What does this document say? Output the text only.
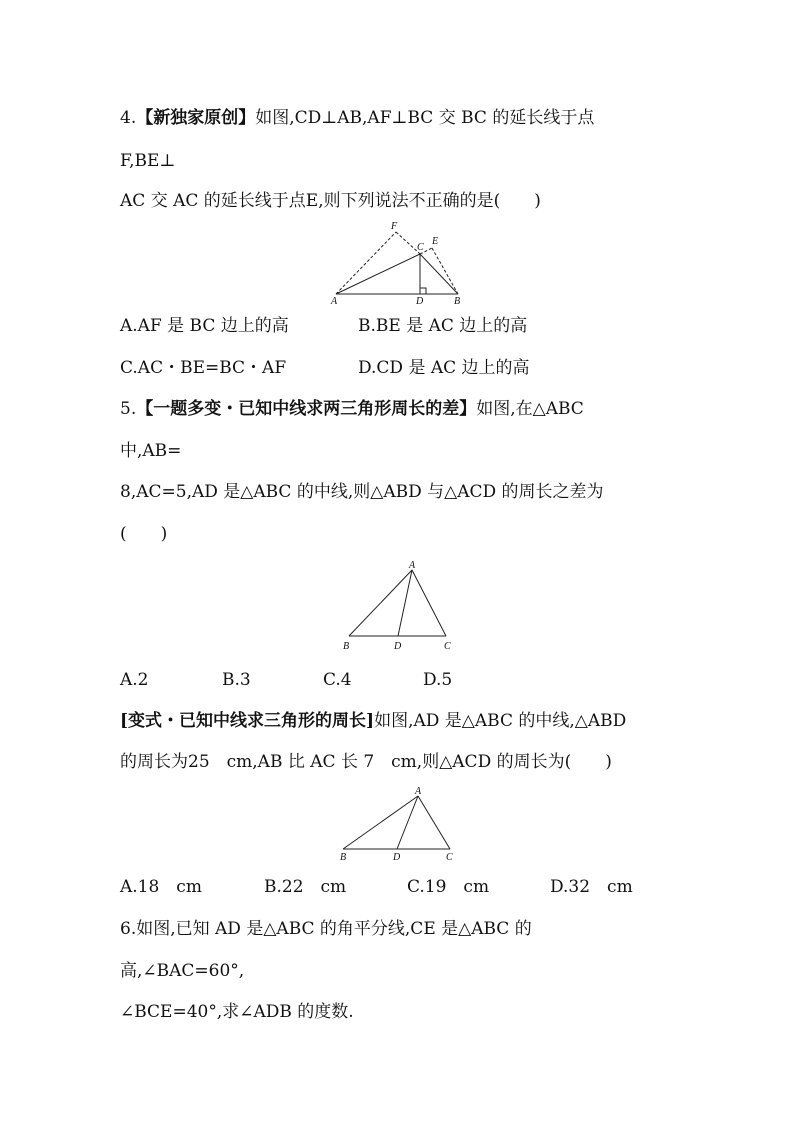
4.【新独家原创】如图,CD⊥AB,AF⊥BC 交 BC 的延长线于点
F,BE⊥
AC 交 AC 的延长线于点E,则下列说法不正确的是(　　)
F
C
E
A	D	B
A.AF 是 BC 边上的高	B.BE 是 AC 边上的高
C.AC・BE=BC・AF	D.CD 是 AC 边上的高
5.【一题多变・已知中线求两三角形周长的差】如图,在△ABC
中,AB=
8,AC=5,AD 是△ABC 的中线,则△ABD 与△ACD 的周长之差为
(　　)
A
B	D	C
A.2	B.3	C.4	D.5
[变式・已知中线求三角形的周长]如图,AD 是△ABC 的中线,△ABD
的周长为25　cm,AB 比 AC 长 7　cm,则△ACD 的周长为(　　)
A
B	D	C
A.18　cm	B.22　cm	C.19　cm	D.32　cm
6.如图,已知 AD 是△ABC 的角平分线,CE 是△ABC 的
高,∠BAC=60°,
∠BCE=40°,求∠ADB 的度数.
